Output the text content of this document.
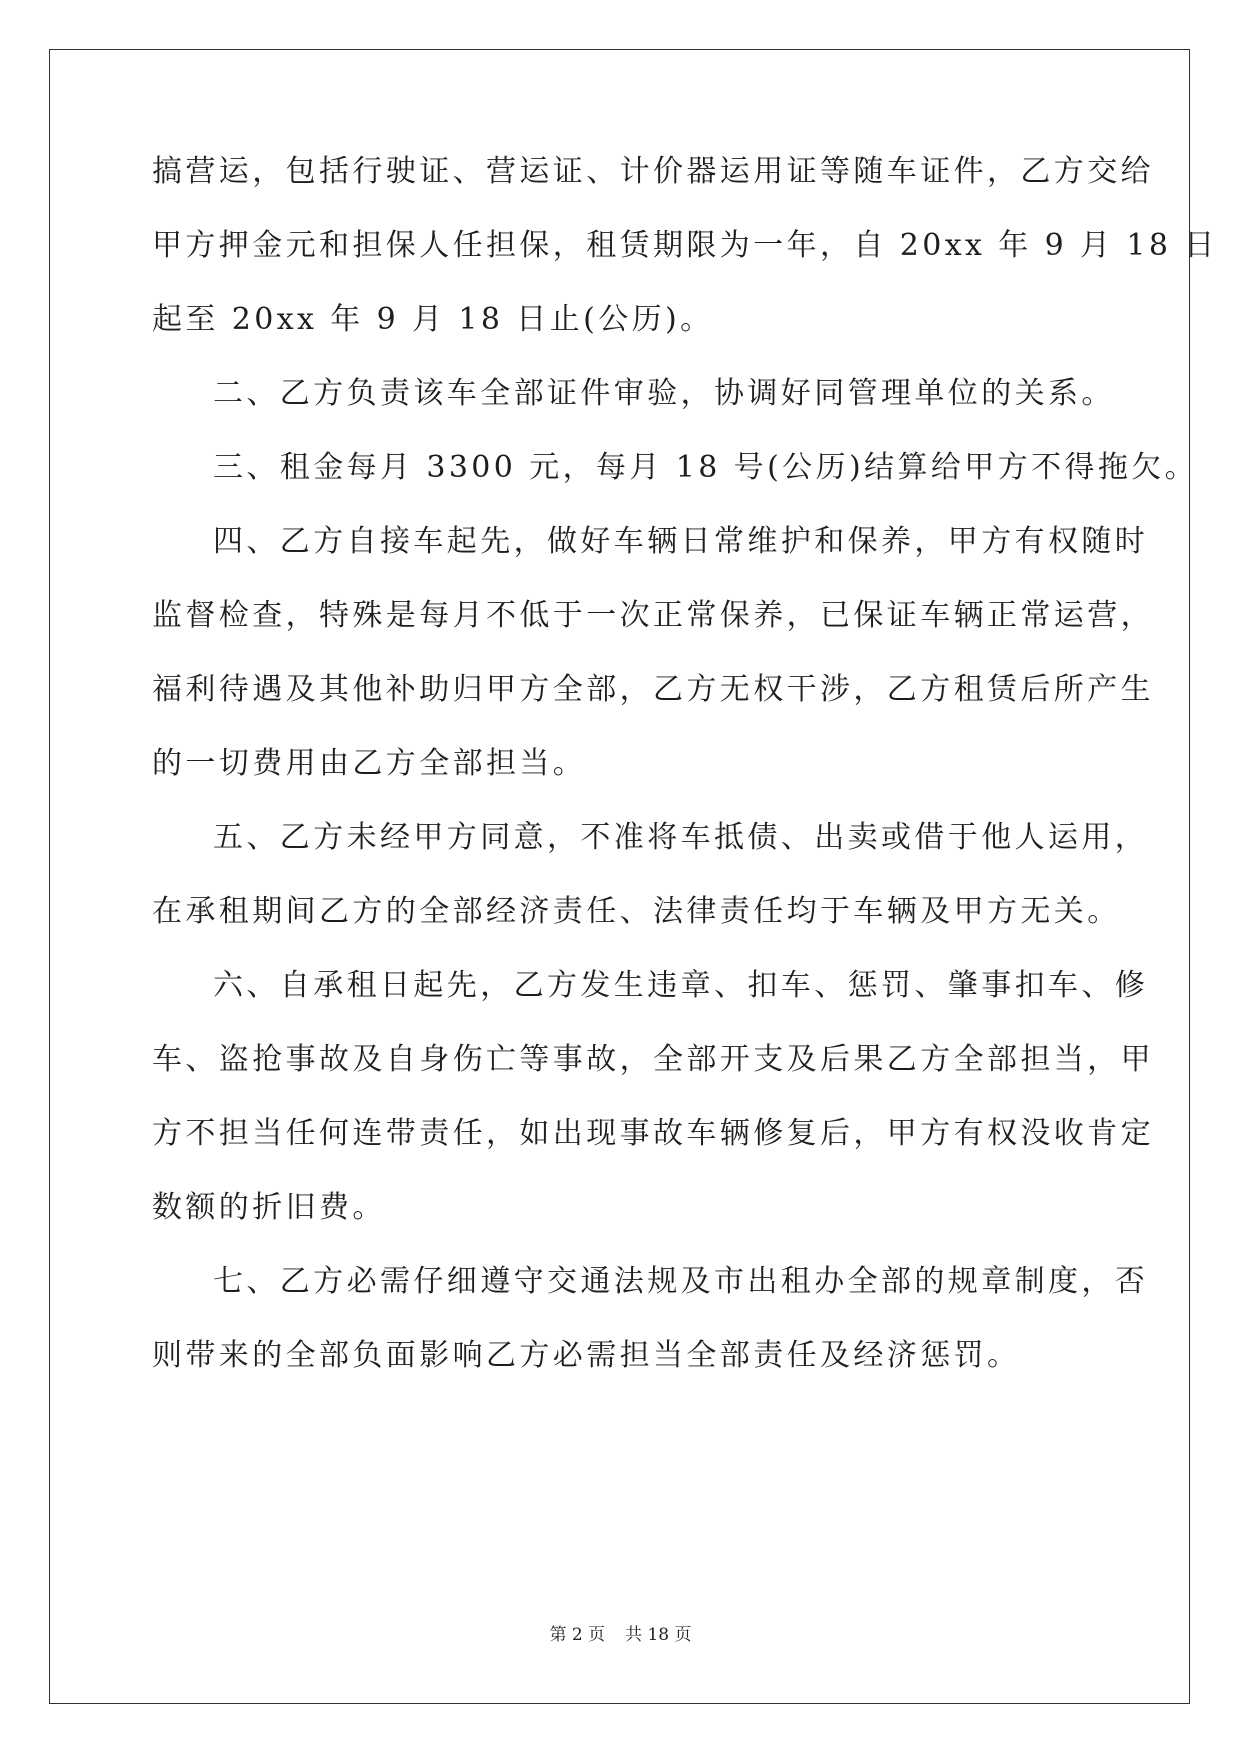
搞营运，包括行驶证、营运证、计价器运用证等随车证件，乙方交给
甲方押金元和担保人任担保，租赁期限为一年，自 20xx 年 9 月 18 日
起至 20xx 年 9 月 18 日止(公历)。
二、乙方负责该车全部证件审验，协调好同管理单位的关系。
三、租金每月 3300 元，每月 18 号(公历)结算给甲方不得拖欠。
四、乙方自接车起先，做好车辆日常维护和保养，甲方有权随时
监督检查，特殊是每月不低于一次正常保养，已保证车辆正常运营，
福利待遇及其他补助归甲方全部，乙方无权干涉，乙方租赁后所产生
的一切费用由乙方全部担当。
五、乙方未经甲方同意，不准将车抵债、出卖或借于他人运用，
在承租期间乙方的全部经济责任、法律责任均于车辆及甲方无关。
六、自承租日起先，乙方发生违章、扣车、惩罚、肇事扣车、修
车、盗抢事故及自身伤亡等事故，全部开支及后果乙方全部担当，甲
方不担当任何连带责任，如出现事故车辆修复后，甲方有权没收肯定
数额的折旧费。
七、乙方必需仔细遵守交通法规及市出租办全部的规章制度，否
则带来的全部负面影响乙方必需担当全部责任及经济惩罚。
第 2 页 共 18 页
